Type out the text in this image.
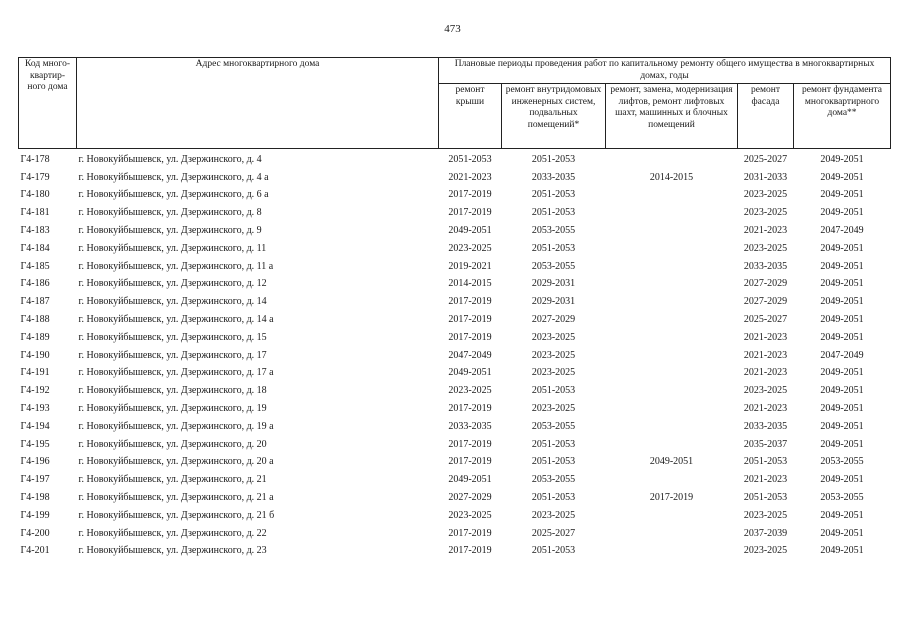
473
Код много-квартир-ного дома	Адрес многоквартирного дома	Плановые периоды проведения работ по капитальному ремонту общего имущества в многоквартирных домах, годы				
		ремонт крыши	ремонт внутридомовых инженерных систем, подвальных помещений*	ремонт, замена, модернизация лифтов, ремонт лифтовых шахт, машинных и блочных помещений	ремонт фасада	ремонт фундамента многоквартирного дома**
Г4-178	г. Новокуйбышевск, ул. Дзержинского, д. 4	2051-2053	2051-2053		2025-2027	2049-2051
Г4-179	г. Новокуйбышевск, ул. Дзержинского, д. 4 а	2021-2023	2033-2035	2014-2015	2031-2033	2049-2051
Г4-180	г. Новокуйбышевск, ул. Дзержинского, д. 6 а	2017-2019	2051-2053		2023-2025	2049-2051
Г4-181	г. Новокуйбышевск, ул. Дзержинского, д. 8	2017-2019	2051-2053		2023-2025	2049-2051
Г4-183	г. Новокуйбышевск, ул. Дзержинского, д. 9	2049-2051	2053-2055		2021-2023	2047-2049
Г4-184	г. Новокуйбышевск, ул. Дзержинского, д. 11	2023-2025	2051-2053		2023-2025	2049-2051
Г4-185	г. Новокуйбышевск, ул. Дзержинского, д. 11 а	2019-2021	2053-2055		2033-2035	2049-2051
Г4-186	г. Новокуйбышевск, ул. Дзержинского, д. 12	2014-2015	2029-2031		2027-2029	2049-2051
Г4-187	г. Новокуйбышевск, ул. Дзержинского, д. 14	2017-2019	2029-2031		2027-2029	2049-2051
Г4-188	г. Новокуйбышевск, ул. Дзержинского, д. 14 а	2017-2019	2027-2029		2025-2027	2049-2051
Г4-189	г. Новокуйбышевск, ул. Дзержинского, д. 15	2017-2019	2023-2025		2021-2023	2049-2051
Г4-190	г. Новокуйбышевск, ул. Дзержинского, д. 17	2047-2049	2023-2025		2021-2023	2047-2049
Г4-191	г. Новокуйбышевск, ул. Дзержинского, д. 17 а	2049-2051	2023-2025		2021-2023	2049-2051
Г4-192	г. Новокуйбышевск, ул. Дзержинского, д. 18	2023-2025	2051-2053		2023-2025	2049-2051
Г4-193	г. Новокуйбышевск, ул. Дзержинского, д. 19	2017-2019	2023-2025		2021-2023	2049-2051
Г4-194	г. Новокуйбышевск, ул. Дзержинского, д. 19 а	2033-2035	2053-2055		2033-2035	2049-2051
Г4-195	г. Новокуйбышевск, ул. Дзержинского, д. 20	2017-2019	2051-2053		2035-2037	2049-2051
Г4-196	г. Новокуйбышевск, ул. Дзержинского, д. 20 а	2017-2019	2051-2053	2049-2051	2051-2053	2053-2055
Г4-197	г. Новокуйбышевск, ул. Дзержинского, д. 21	2049-2051	2053-2055		2021-2023	2049-2051
Г4-198	г. Новокуйбышевск, ул. Дзержинского, д. 21 а	2027-2029	2051-2053	2017-2019	2051-2053	2053-2055
Г4-199	г. Новокуйбышевск, ул. Дзержинского, д. 21 б	2023-2025	2023-2025		2023-2025	2049-2051
Г4-200	г. Новокуйбышевск, ул. Дзержинского, д. 22	2017-2019	2025-2027		2037-2039	2049-2051
Г4-201	г. Новокуйбышевск, ул. Дзержинского, д. 23	2017-2019	2051-2053		2023-2025	2049-2051
